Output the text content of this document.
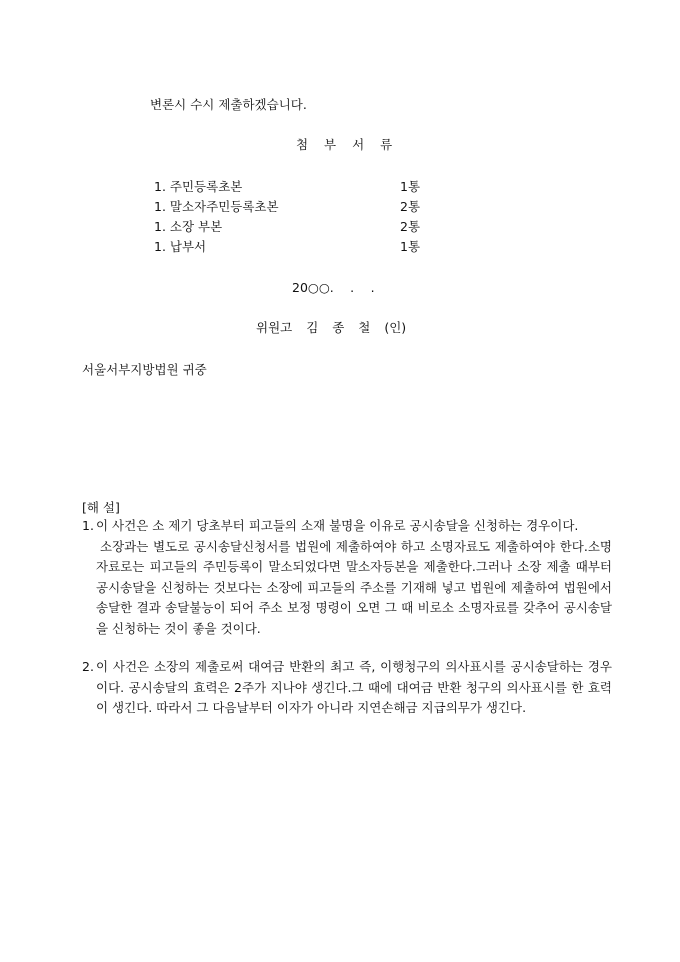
변론시 수시 제출하겠습니다.
첨 부 서 류
1. 주민등록초본	1통
1. 말소자주민등록초본	2통
1. 소장 부본	2통
1. 납부서	1통
20○○.　 .　 .
위원고 김 종 철 (인)
서울서부지방법원 귀중
[해 설]
1. 이 사건은 소 제기 당초부터 피고들의 소재 불명을 이유로 공시송달을 신청하는 경우이다.

소장과는 별도로 공시송달신청서를 법원에 제출하여야 하고 소명자료도 제출하여야 한다.소명자료로는 피고들의 주민등록이 말소되었다면 말소자등본을 제출한다.그러나 소장 제출 때부터 공시송달을 신청하는 것보다는 소장에 피고들의 주소를 기재해 넣고 법원에 제출하여 법원에서 송달한 결과 송달불능이 되어 주소 보정 명령이 오면 그 때 비로소 소명자료를 갖추어 공시송달을 신청하는 것이 좋을 것이다.

2. 이 사건은 소장의 제출로써 대여금 반환의 최고 즉, 이행청구의 의사표시를 공시송달하는 경우이다. 공시송달의 효력은 2주가 지나야 생긴다.그 때에 대여금 반환 청구의 의사표시를 한 효력이 생긴다. 따라서 그 다음날부터 이자가 아니라 지연손해금 지급의무가 생긴다.
